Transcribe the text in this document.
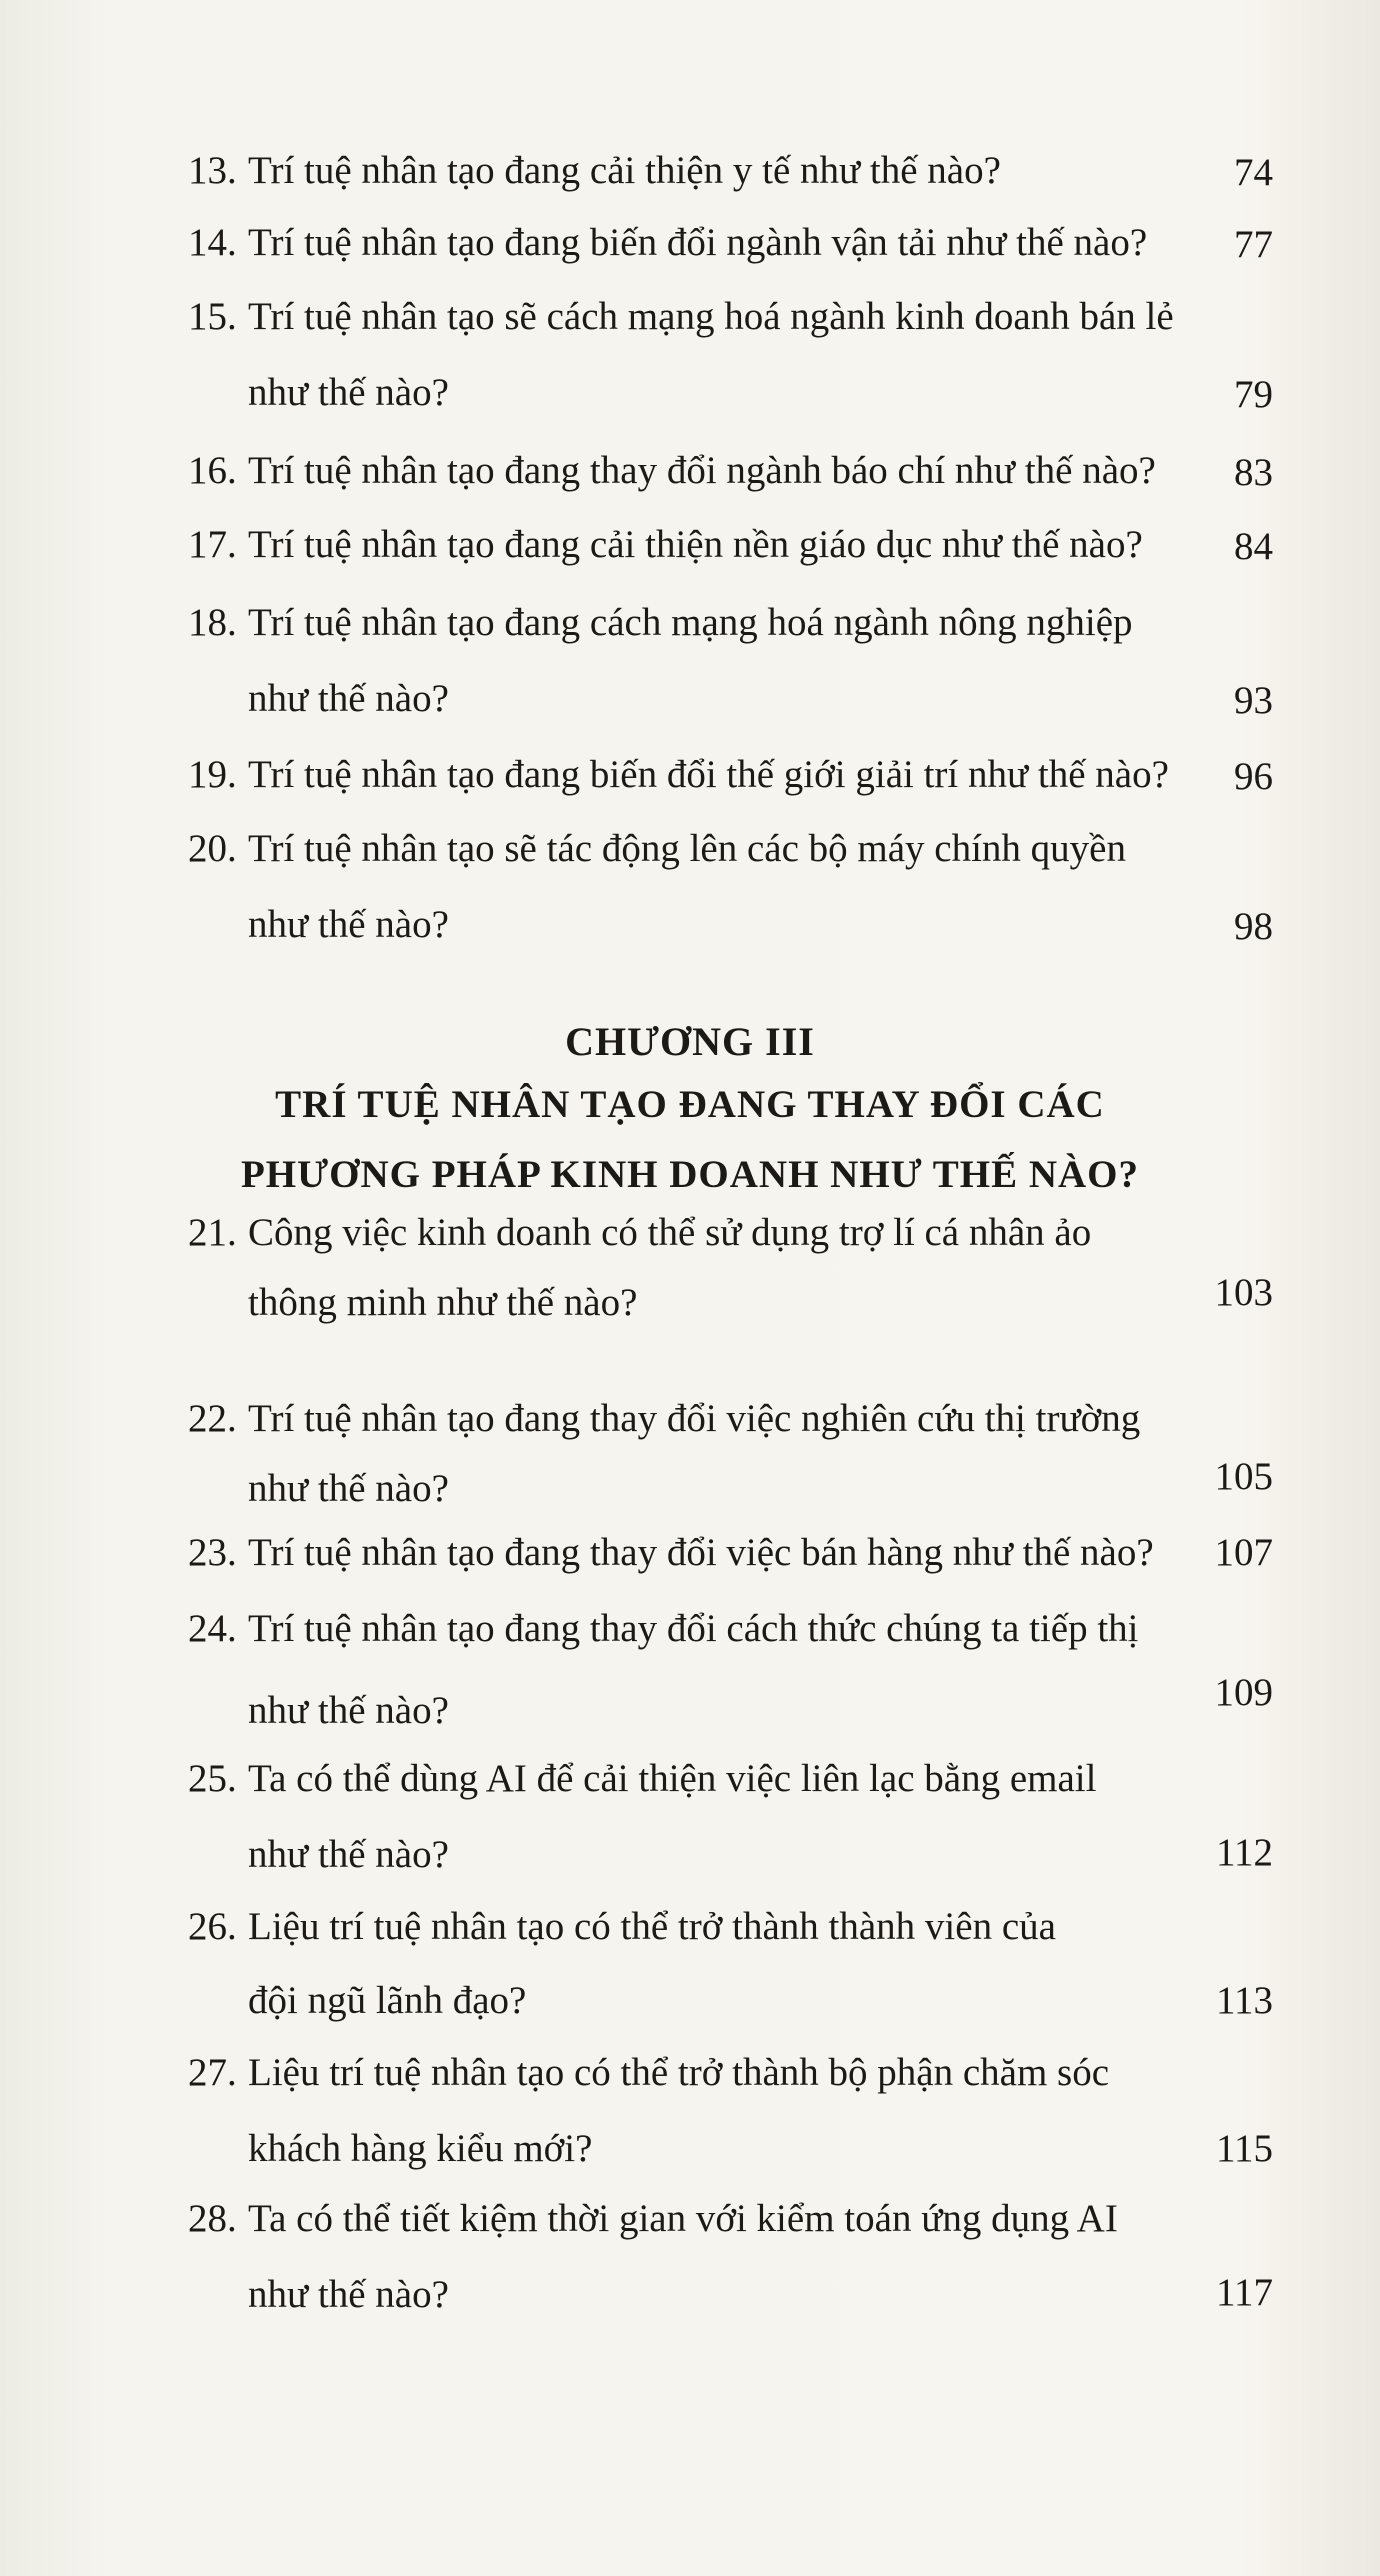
13. Trí tuệ nhân tạo đang cải thiện y tế như thế nào?	74
14. Trí tuệ nhân tạo đang biến đổi ngành vận tải như thế nào? 77
15. Trí tuệ nhân tạo sẽ cách mạng hoá ngành kinh doanh bán lẻ
như thế nào?	79
16. Trí tuệ nhân tạo đang thay đổi ngành báo chí như thế nào? 83
17. Trí tuệ nhân tạo đang cải thiện nền giáo dục như thế nào? 84
18. Trí tuệ nhân tạo đang cách mạng hoá ngành nông nghiệp
như thế nào?	93
19. Trí tuệ nhân tạo đang biến đổi thế giới giải trí như thế nào? 96
20. Trí tuệ nhân tạo sẽ tác động lên các bộ máy chính quyền
như thế nào?	98
CHƯƠNG III
TRÍ TUỆ NHÂN TẠO ĐANG THAY ĐỔI CÁC
PHƯƠNG PHÁP KINH DOANH NHƯ THẾ NÀO?
21. Công việc kinh doanh có thể sử dụng trợ lí cá nhân ảo
thông minh như thế nào?	103
22. Trí tuệ nhân tạo đang thay đổi việc nghiên cứu thị trường
như thế nào?	105
23. Trí tuệ nhân tạo đang thay đổi việc bán hàng như thế nào? 107
24. Trí tuệ nhân tạo đang thay đổi cách thức chúng ta tiếp thị
như thế nào?	109
25. Ta có thể dùng AI để cải thiện việc liên lạc bằng email
như thế nào?	112
26. Liệu trí tuệ nhân tạo có thể trở thành thành viên của
đội ngũ lãnh đạo?	113
27. Liệu trí tuệ nhân tạo có thể trở thành bộ phận chăm sóc
khách hàng kiểu mới?	115
28. Ta có thể tiết kiệm thời gian với kiểm toán ứng dụng AI
như thế nào?	117
